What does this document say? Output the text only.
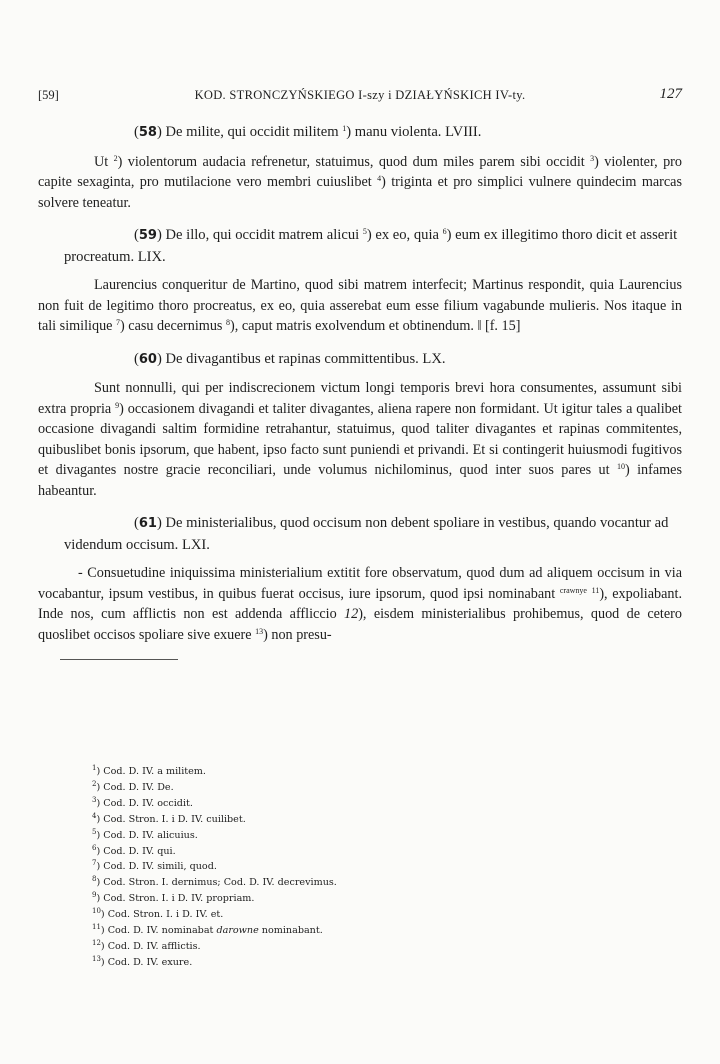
[59]	KOD. STRONCZYŃSKIEGO I-szy i DZIAŁYŃSKICH IV-ty.	127

(58) De milite, qui occidit militem $^1$) manu violenta. LVIII.

Ut $^2$) violentorum audacia refrenetur, statuimus, quod dum miles parem sibi occidit $^3$) violenter, pro capite sexaginta, pro mutilacione vero membri cuiuslibet $^4$) triginta et pro simplici vulnere quindecim marcas solvere teneatur.

(59) De illo, qui occidit matrem alicui $^5$) ex eo, quia $^6$) eum ex illegitimo thoro dicit et asserit procreatum. LIX.

Laurencius conqueritur de Martino, quod sibi matrem interfecit; Martinus respondit, quia Laurencius non fuit de legitimo thoro procreatus, ex eo, quia asserebat eum esse filium vagabunde mulieris. Nos itaque in tali similique $^7$) casu decernimus $^8$), caput matris exolvendum et obtinendum. ‖ [f. 15]

(60) De divagantibus et rapinas committentibus. LX.

Sunt nonnulli, qui per indiscrecionem victum longi temporis brevi hora consumentes, assumunt sibi extra propria $^9$) occasionem divagandi et taliter divagantes, aliena rapere non formidant. Ut igitur tales a qualibet occasione divagandi saltim formidine retrahantur, statuimus, quod taliter divagantes et rapinas commitentes, quibuslibet bonis ipsorum, que habent, ipso facto sunt puniendi et privandi. Et si contingerit huiusmodi fugitivos et divagantes nostre gracie reconciliari, unde volumus nichilominus, quod inter suos pares ut $^{10}$) infames habeantur.

(61) De ministerialibus, quod occisum non debent spoliare in vestibus, quando vocantur ad videndum occisum. LXI.

- Consuetudine iniquissima ministerialium extitit fore observatum, quod dum ad aliquem occisum in via vocabantur, ipsum vestibus, in quibus fuerat occisus, iure ipsorum, quod ipsi nominabant $^{crawnye}$ $^{11}$), expoliabant. Inde nos, cum afflictis non est addenda affliccio 12), eisdem ministerialibus prohibemus, quod de cetero quoslibet occisos spoliare sive exuere $^{13}$) non presu-

$^1$) Cod. D. IV. a militem.
$^2$) Cod. D. IV. De.
$^3$) Cod. D. IV. occidit.
$^4$) Cod. Stron. I. i D. IV. cuilibet.
$^5$) Cod. D. IV. alicuius.
$^6$) Cod. D. IV. qui.
$^7$) Cod. D. IV. simili, quod.
$^8$) Cod. Stron. I. dernimus; Cod. D. IV. decrevimus.
$^9$) Cod. Stron. I. i D. IV. propriam.
$^{10}$) Cod. Stron. I. i D. IV. et.
$^{11}$) Cod. D. IV. nominabat darowne nominabant.
$^{12}$) Cod. D. IV. afflictis.
$^{13}$) Cod. D. IV. exure.
